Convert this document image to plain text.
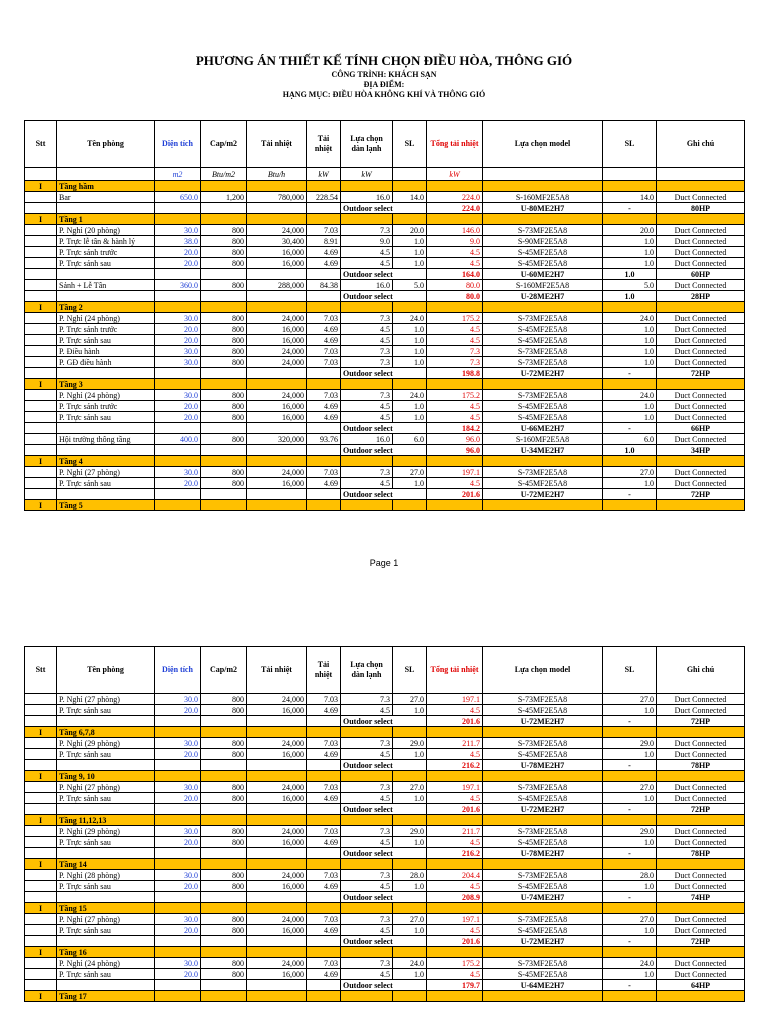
PHƯƠNG ÁN THIẾT KẾ TÍNH CHỌN ĐIỀU HÒA, THÔNG GIÓ
CÔNG TRÌNH: KHÁCH SẠN
ĐỊA ĐIỂM:
HẠNG MỤC: ĐIỀU HÒA KHÔNG KHÍ VÀ THÔNG GIÓ
Stt	Tên phòng	Diện tích	Cap/m2	Tải nhiệt	Tải nhiệt	Lựa chọn dàn lạnh	SL	Tổng tải nhiệt	Lựa chọn model	SL	Ghi chú
		m2	Btu/m2	Btu/h	kW	kW		kW			
I	Tầng hầm										
	Bar	650.0	1,200	780,000	228.54	16.0	14.0	224.0	S-160MF2E5A8	14.0	Duct Connected
						Outdoor select		224.0	U-80ME2H7	-	80HP
I	Tầng 1										
	P. Nghỉ (20 phòng)	30.0	800	24,000	7.03	7.3	20.0	146.0	S-73MF2E5A8	20.0	Duct Connected
	P. Trực lễ tân & hành lý	38.0	800	30,400	8.91	9.0	1.0	9.0	S-90MF2E5A8	1.0	Duct Connected
	P. Trực sảnh trước	20.0	800	16,000	4.69	4.5	1.0	4.5	S-45MF2E5A8	1.0	Duct Connected
	P. Trực sảnh sau	20.0	800	16,000	4.69	4.5	1.0	4.5	S-45MF2E5A8	1.0	Duct Connected
						Outdoor select		164.0	U-60ME2H7	1.0	60HP
	Sảnh + Lễ Tân	360.0	800	288,000	84.38	16.0	5.0	80.0	S-160MF2E5A8	5.0	Duct Connected
						Outdoor select		80.0	U-28ME2H7	1.0	28HP
I	Tầng 2										
	P. Nghỉ (24 phòng)	30.0	800	24,000	7.03	7.3	24.0	175.2	S-73MF2E5A8	24.0	Duct Connected
	P. Trực sảnh trước	20.0	800	16,000	4.69	4.5	1.0	4.5	S-45MF2E5A8	1.0	Duct Connected
	P. Trực sảnh sau	20.0	800	16,000	4.69	4.5	1.0	4.5	S-45MF2E5A8	1.0	Duct Connected
	P. Điều hành	30.0	800	24,000	7.03	7.3	1.0	7.3	S-73MF2E5A8	1.0	Duct Connected
	P. GĐ điều hành	30.0	800	24,000	7.03	7.3	1.0	7.3	S-73MF2E5A8	1.0	Duct Connected
						Outdoor select		198.8	U-72ME2H7	-	72HP
I	Tầng 3										
	P. Nghỉ (24 phòng)	30.0	800	24,000	7.03	7.3	24.0	175.2	S-73MF2E5A8	24.0	Duct Connected
	P. Trực sảnh trước	20.0	800	16,000	4.69	4.5	1.0	4.5	S-45MF2E5A8	1.0	Duct Connected
	P. Trực sảnh sau	20.0	800	16,000	4.69	4.5	1.0	4.5	S-45MF2E5A8	1.0	Duct Connected
						Outdoor select		184.2	U-66ME2H7	-	66HP
	Hội trường thông tầng	400.0	800	320,000	93.76	16.0	6.0	96.0	S-160MF2E5A8	6.0	Duct Connected
						Outdoor select		96.0	U-34ME2H7	1.0	34HP
I	Tầng 4										
	P. Nghỉ (27 phòng)	30.0	800	24,000	7.03	7.3	27.0	197.1	S-73MF2E5A8	27.0	Duct Connected
	P. Trực sảnh sau	20.0	800	16,000	4.69	4.5	1.0	4.5	S-45MF2E5A8	1.0	Duct Connected
						Outdoor select		201.6	U-72ME2H7	-	72HP
I	Tầng 5										
Page 1
Stt	Tên phòng	Diện tích	Cap/m2	Tải nhiệt	Tải nhiệt	Lựa chọn dàn lạnh	SL	Tổng tải nhiệt	Lựa chọn model	SL	Ghi chú
	P. Nghỉ (27 phòng)	30.0	800	24,000	7.03	7.3	27.0	197.1	S-73MF2E5A8	27.0	Duct Connected
	P. Trực sảnh sau	20.0	800	16,000	4.69	4.5	1.0	4.5	S-45MF2E5A8	1.0	Duct Connected
						Outdoor select		201.6	U-72ME2H7	-	72HP
I	Tầng 6,7,8										
	P. Nghỉ (29 phòng)	30.0	800	24,000	7.03	7.3	29.0	211.7	S-73MF2E5A8	29.0	Duct Connected
	P. Trực sảnh sau	20.0	800	16,000	4.69	4.5	1.0	4.5	S-45MF2E5A8	1.0	Duct Connected
						Outdoor select		216.2	U-78ME2H7	-	78HP
I	Tầng 9, 10										
	P. Nghỉ (27 phòng)	30.0	800	24,000	7.03	7.3	27.0	197.1	S-73MF2E5A8	27.0	Duct Connected
	P. Trực sảnh sau	20.0	800	16,000	4.69	4.5	1.0	4.5	S-45MF2E5A8	1.0	Duct Connected
						Outdoor select		201.6	U-72ME2H7	-	72HP
I	Tầng 11,12,13										
	P. Nghỉ (29 phòng)	30.0	800	24,000	7.03	7.3	29.0	211.7	S-73MF2E5A8	29.0	Duct Connected
	P. Trực sảnh sau	20.0	800	16,000	4.69	4.5	1.0	4.5	S-45MF2E5A8	1.0	Duct Connected
						Outdoor select		216.2	U-78ME2H7	-	78HP
I	Tầng 14										
	P. Nghỉ (28 phòng)	30.0	800	24,000	7.03	7.3	28.0	204.4	S-73MF2E5A8	28.0	Duct Connected
	P. Trực sảnh sau	20.0	800	16,000	4.69	4.5	1.0	4.5	S-45MF2E5A8	1.0	Duct Connected
						Outdoor select		208.9	U-74ME2H7	-	74HP
I	Tầng 15										
	P. Nghỉ (27 phòng)	30.0	800	24,000	7.03	7.3	27.0	197.1	S-73MF2E5A8	27.0	Duct Connected
	P. Trực sảnh sau	20.0	800	16,000	4.69	4.5	1.0	4.5	S-45MF2E5A8	1.0	Duct Connected
						Outdoor select		201.6	U-72ME2H7	-	72HP
I	Tầng 16										
	P. Nghỉ (24 phòng)	30.0	800	24,000	7.03	7.3	24.0	175.2	S-73MF2E5A8	24.0	Duct Connected
	P. Trực sảnh sau	20.0	800	16,000	4.69	4.5	1.0	4.5	S-45MF2E5A8	1.0	Duct Connected
						Outdoor select		179.7	U-64ME2H7	-	64HP
I	Tầng 17										
